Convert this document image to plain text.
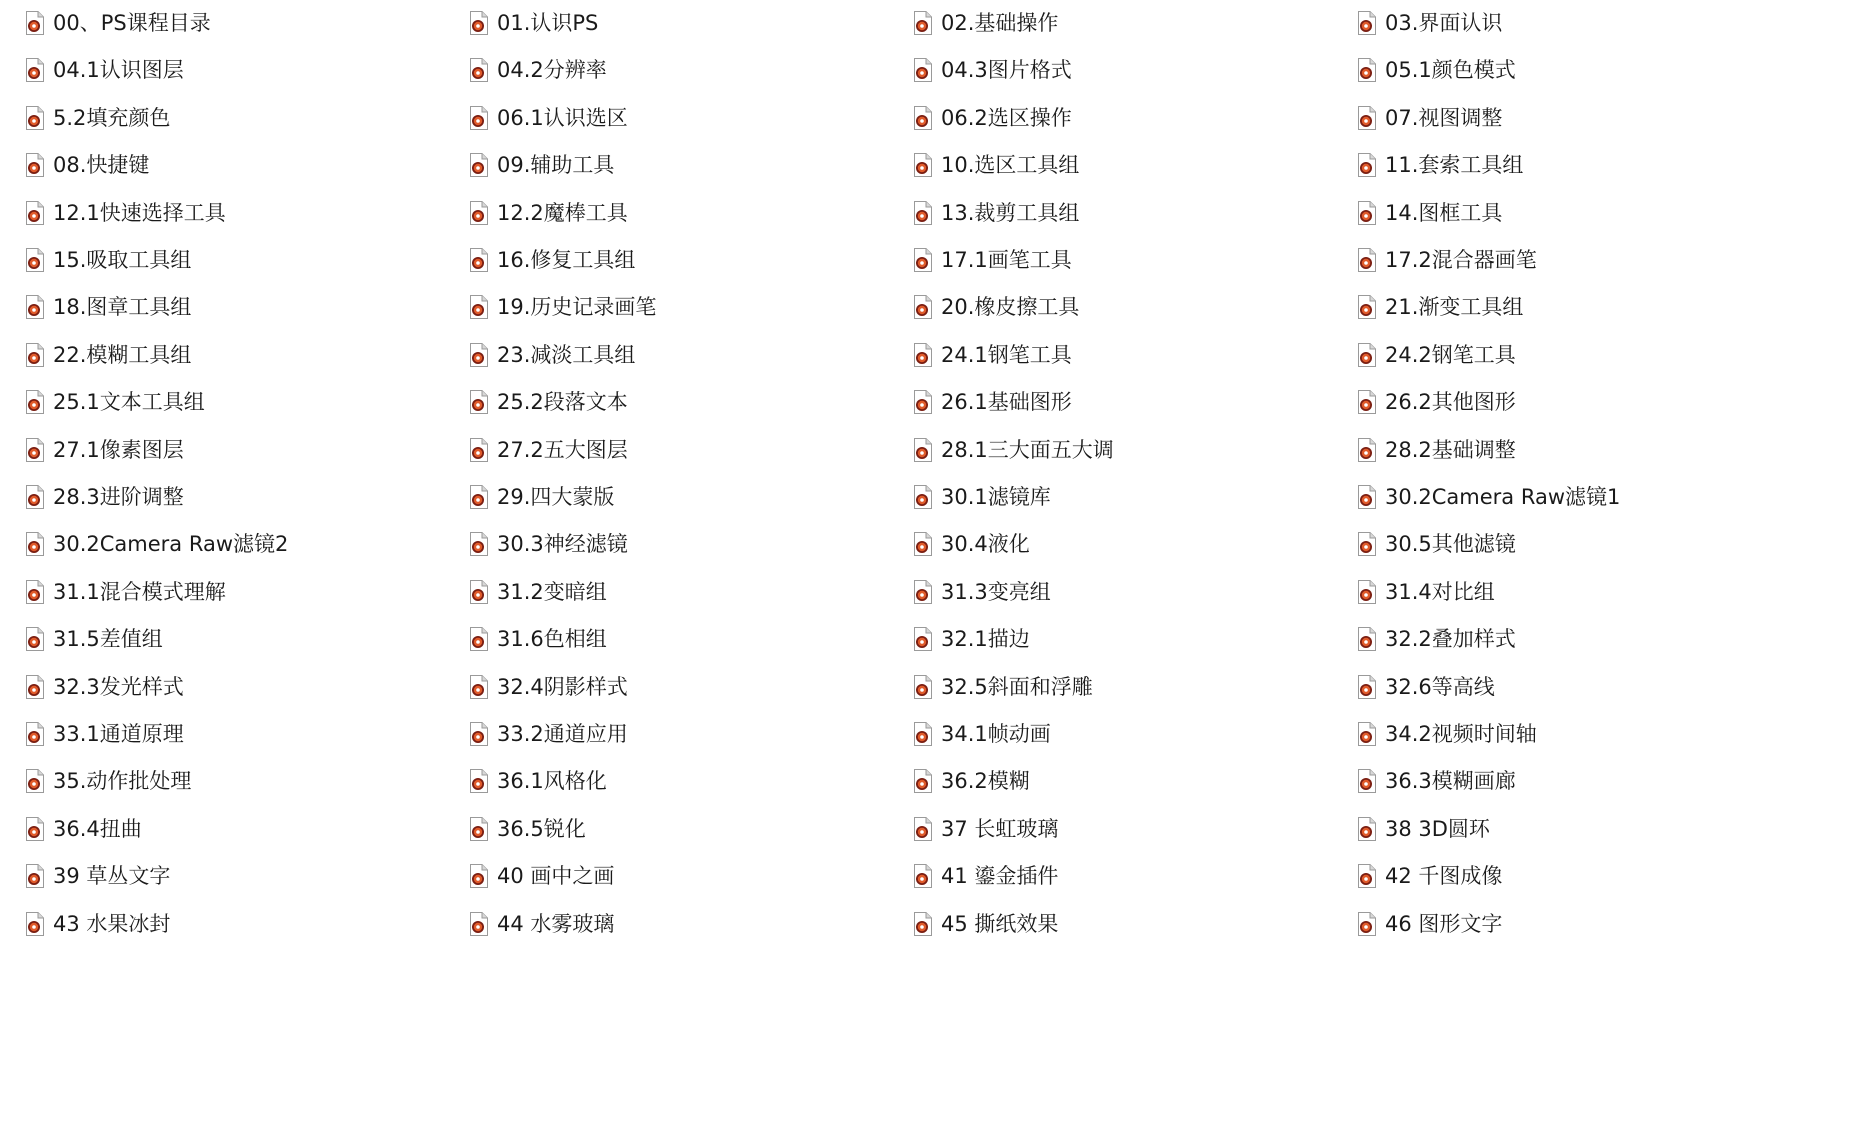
00、PS课程目录	01.认识PS	02.基础操作	03.界面认识
04.1认识图层	04.2分辨率	04.3图片格式	05.1颜色模式
5.2填充颜色	06.1认识选区	06.2选区操作	07.视图调整
08.快捷键	09.辅助工具	10.选区工具组	11.套索工具组
12.1快速选择工具	12.2魔棒工具	13.裁剪工具组	14.图框工具
15.吸取工具组	16.修复工具组	17.1画笔工具	17.2混合器画笔
18.图章工具组	19.历史记录画笔	20.橡皮擦工具	21.渐变工具组
22.模糊工具组	23.减淡工具组	24.1钢笔工具	24.2钢笔工具
25.1文本工具组	25.2段落文本	26.1基础图形	26.2其他图形
27.1像素图层	27.2五大图层	28.1三大面五大调	28.2基础调整
28.3进阶调整	29.四大蒙版	30.1滤镜库	30.2Camera Raw滤镜1
30.2Camera Raw滤镜2	30.3神经滤镜	30.4液化	30.5其他滤镜
31.1混合模式理解	31.2变暗组	31.3变亮组	31.4对比组
31.5差值组	31.6色相组	32.1描边	32.2叠加样式
32.3发光样式	32.4阴影样式	32.5斜面和浮雕	32.6等高线
33.1通道原理	33.2通道应用	34.1帧动画	34.2视频时间轴
35.动作批处理	36.1风格化	36.2模糊	36.3模糊画廊
36.4扭曲	36.5锐化	37 长虹玻璃	38 3D圆环
39 草丛文字	40 画中之画	41 鎏金插件	42 千图成像
43 水果冰封	44 水雾玻璃	45 撕纸效果	46 图形文字
